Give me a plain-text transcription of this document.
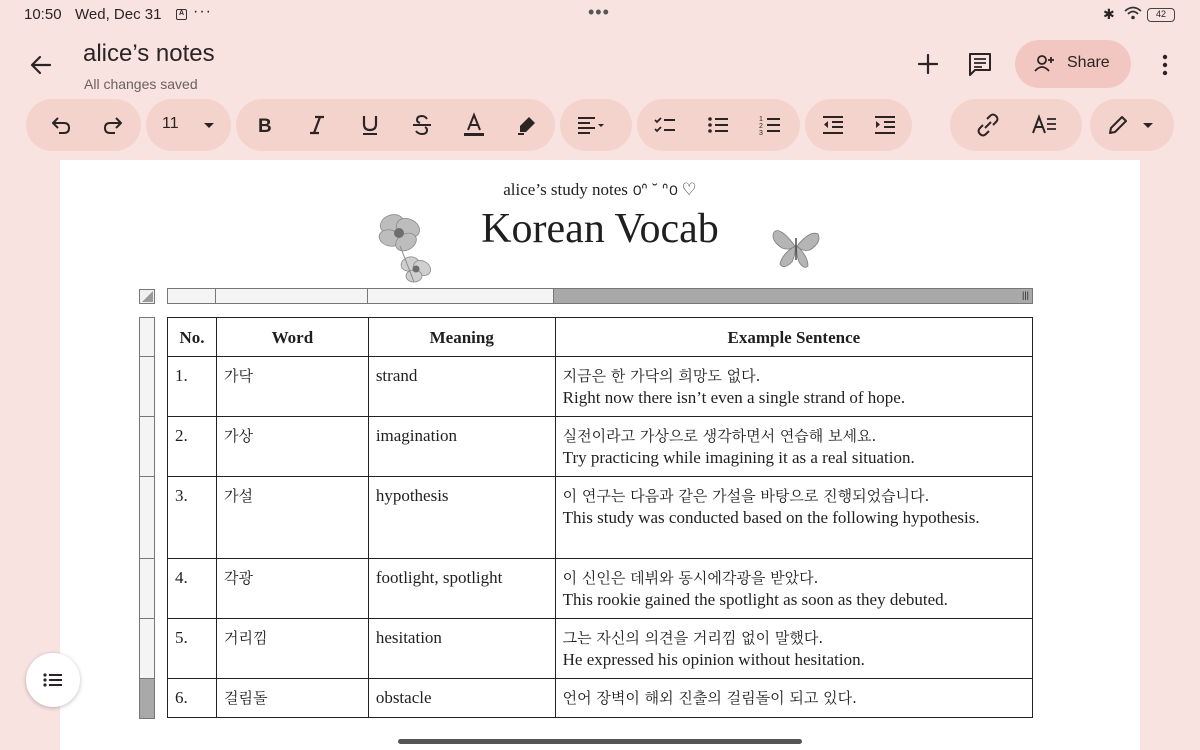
10:50 Wed, Dec 31	A ···	•••	✱	42
alice’s notes
All changes saved
Share
11	B	1
2
3
alice’s study notes ൦ᐢ ˘ ᐢ൦ ♡
Korean Vocab
|||
No.	Word	Meaning	Example Sentence
1.	가닥	strand	지금은 한 가닥의 희망도 없다.
Right now there isn’t even a single strand of hope.

2.	가상	imagination	실전이라고 가상으로 생각하면서 연습해 보세요.
Try practicing while imagining it as a real situation.

3.	가설	hypothesis	이 연구는 다음과 같은 가설을 바탕으로 진행되었습니다.
This study was conducted based on the following hypothesis.

4.	각광	footlight, spotlight	이 신인은 데뷔와 동시에각광을 받았다.
This rookie gained the spotlight as soon as they debuted.

5.	거리낌	hesitation	그는 자신의 의견을 거리낌 없이 말했다.
He expressed his opinion without hesitation.

6.	걸림돌	obstacle	언어 장벽이 해외 진출의 걸림돌이 되고 있다.
